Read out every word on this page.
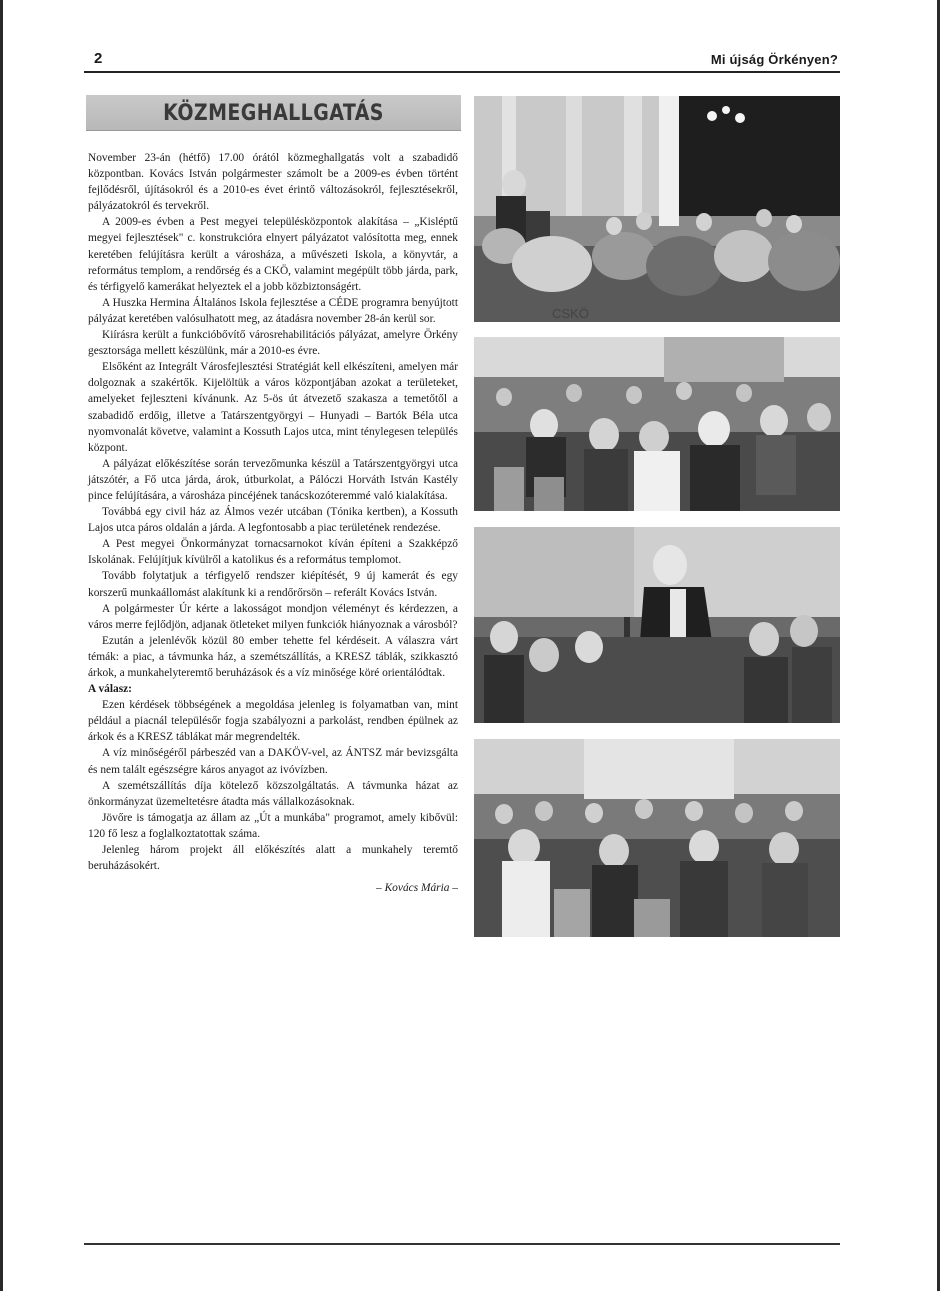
2	Mi újság Örkényen?
KÖZMEGHALLGATÁS

November 23-án (hétfő) 17.00 órától közmeghallgatás volt a szabadidő központban. Kovács István polgármester számolt be a 2009-es évben történt fejlődésről, újításokról és a 2010-es évet érintő változásokról, fejlesztésekről, pályázatokról és tervekről.

A 2009-es évben a Pest megyei településközpontok alakítása – „Kisléptű megyei fejlesztések" c. konstrukcióra elnyert pályázatot valósította meg, ennek keretében felújításra került a városháza, a művészeti Iskola, a könyvtár, a református templom, a rendőrség és a CKÖ, valamint megépült több járda, park, és térfigyelő kamerákat helyeztek el a jobb közbiztonságért.

A Huszka Hermina Általános Iskola fejlesztése a CÉDE programra benyújtott pályázat keretében valósulhatott meg, az átadásra november 28-án kerül sor.

Kiírásra került a funkcióbővítő városrehabilitációs pályázat, amelyre Örkény gesztorsága mellett készülünk, már a 2010-es évre.

Elsőként az Integrált Városfejlesztési Stratégiát kell elkészíteni, amelyen már dolgoznak a szakértők. Kijelöltük a város központjában azokat a területeket, amelyeket fejleszteni kívánunk. Az 5-ös út átvezető szakasza a temetőtől a szabadidő erdőig, illetve a Tatárszentgyörgyi – Hunyadi – Bartók Béla utca nyomvonalát követve, valamint a Kossuth Lajos utca, mint ténylegesen település központ.

A pályázat előkészítése során tervezőmunka készül a Tatárszentgyörgyi utca játszótér, a Fő utca járda, árok, útburkolat, a Pálóczi Horváth István Kastély pince felújítására, a városháza pincéjének tanácskozóteremmé való kialakítása.

Továbbá egy civil ház az Álmos vezér utcában (Tónika kertben), a Kossuth Lajos utca páros oldalán a járda. A legfontosabb a piac területének rendezése.

A Pest megyei Önkormányzat tornacsarnokot kíván építeni a Szakképző Iskolának. Felújítjuk kívülről a katolikus és a református templomot.

Tovább folytatjuk a térfigyelő rendszer kiépítését, 9 új kamerát és egy korszerű munkaállomást alakítunk ki a rendőrőrsön – referált Kovács István.

A polgármester Úr kérte a lakosságot mondjon véleményt és kérdezzen, a város merre fejlődjön, adjanak ötleteket milyen funkciók hiányoznak a városból?

Ezután a jelenlévők közül 80 ember tehette fel kérdéseit. A válaszra várt témák: a piac, a távmunka ház, a szemétszállítás, a KRESZ táblák, szikkasztó árkok, a munkahelyteremtő beruházások és a víz minősége köré orientálódtak.

A válasz:

Ezen kérdések többségének a megoldása jelenleg is folyamatban van, mint például a piacnál településőr fogja szabályozni a parkolást, rendben épülnek az árkok és a KRESZ táblákat már megrendelték.

A víz minőségéről párbeszéd van a DAKÖV-vel, az ÁNTSZ már bevizsgálta és nem talált egészségre káros anyagot az ivóvízben.

A szemétszállítás díja kötelező közszolgáltatás. A távmunka házat az önkormányzat üzemeltetésre átadta más vállalkozásoknak.

Jövőre is támogatja az állam az „Út a munkába" programot, amely kibővül: 120 fő lesz a foglalkoztatottak száma.

Jelenleg három projekt áll előkészítés alatt a munkahely teremtő beruházásokért.

– Kovács Mária –

CSKÖ
